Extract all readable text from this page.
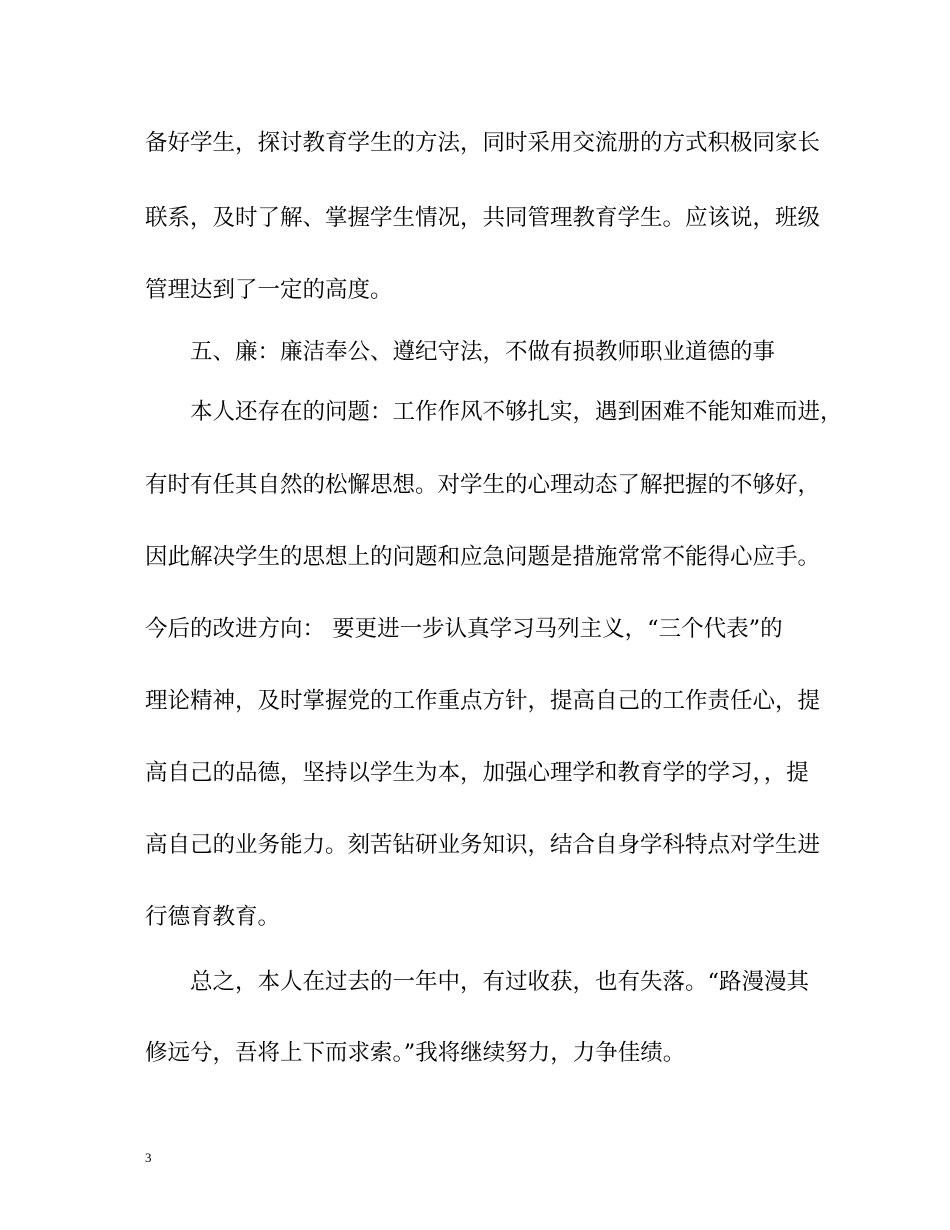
备好学生，探讨教育学生的方法，同时采用交流册的方式积极同家长
联系，及时了解、掌握学生情况，共同管理教育学生。应该说，班级
管理达到了一定的高度。
五、廉：廉洁奉公、遵纪守法，不做有损教师职业道德的事
本人还存在的问题：工作作风不够扎实，遇到困难不能知难而进，
有时有任其自然的松懈思想。对学生的心理动态了解把握的不够好，
因此解决学生的思想上的问题和应急问题是措施常常不能得心应手。
今后的改进方向： 要更进一步认真学习马列主义，“三个代表”的
理论精神，及时掌握党的工作重点方针，提高自己的工作责任心，提
高自己的品德，坚持以学生为本，加强心理学和教育学的学习，，提
高自己的业务能力。刻苦钻研业务知识，结合自身学科特点对学生进
行德育教育。
总之，本人在过去的一年中，有过收获，也有失落。“路漫漫其
修远兮，吾将上下而求索。”我将继续努力，力争佳绩。
3
